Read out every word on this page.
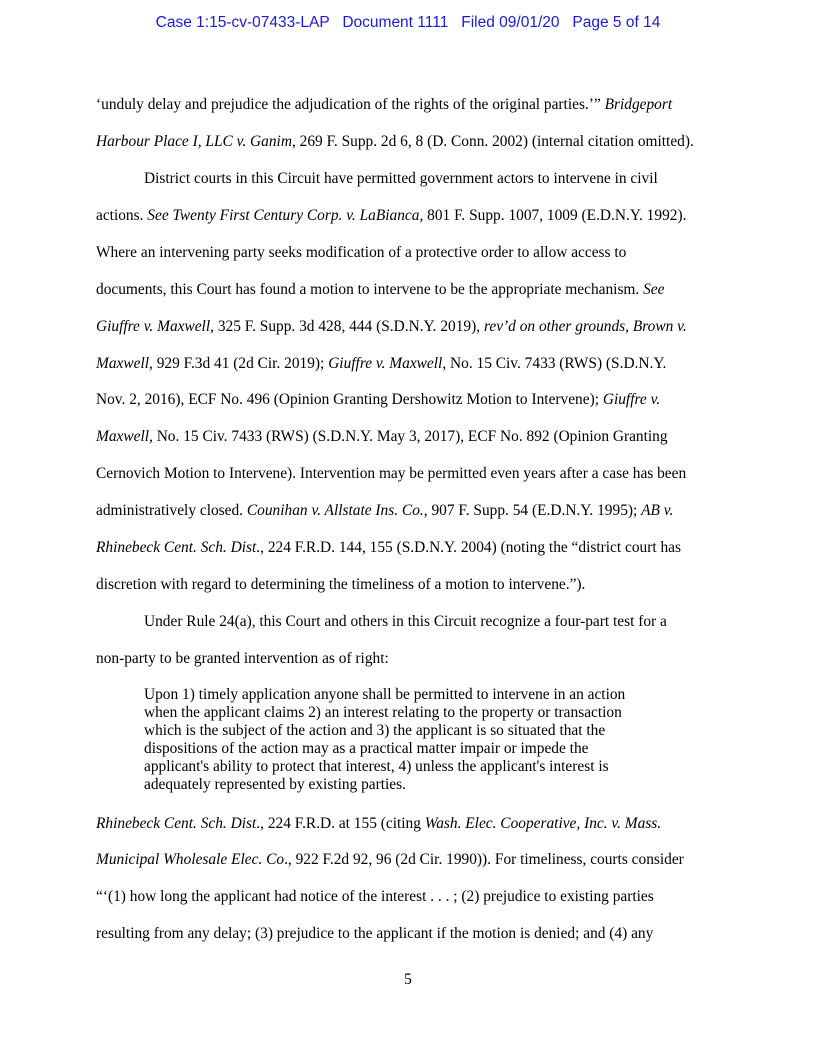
Case 1:15-cv-07433-LAP Document 1111 Filed 09/01/20 Page 5 of 14
‘unduly delay and prejudice the adjudication of the rights of the original parties.’” Bridgeport
Harbour Place I, LLC v. Ganim, 269 F. Supp. 2d 6, 8 (D. Conn. 2002) (internal citation omitted).
District courts in this Circuit have permitted government actors to intervene in civil
actions. See Twenty First Century Corp. v. LaBianca, 801 F. Supp. 1007, 1009 (E.D.N.Y. 1992).
Where an intervening party seeks modification of a protective order to allow access to
documents, this Court has found a motion to intervene to be the appropriate mechanism. See
Giuffre v. Maxwell, 325 F. Supp. 3d 428, 444 (S.D.N.Y. 2019), rev’d on other grounds, Brown v.
Maxwell, 929 F.3d 41 (2d Cir. 2019); Giuffre v. Maxwell, No. 15 Civ. 7433 (RWS) (S.D.N.Y.
Nov. 2, 2016), ECF No. 496 (Opinion Granting Dershowitz Motion to Intervene); Giuffre v.
Maxwell, No. 15 Civ. 7433 (RWS) (S.D.N.Y. May 3, 2017), ECF No. 892 (Opinion Granting
Cernovich Motion to Intervene). Intervention may be permitted even years after a case has been
administratively closed. Counihan v. Allstate Ins. Co., 907 F. Supp. 54 (E.D.N.Y. 1995); AB v.
Rhinebeck Cent. Sch. Dist., 224 F.R.D. 144, 155 (S.D.N.Y. 2004) (noting the “district court has
discretion with regard to determining the timeliness of a motion to intervene.”).
Under Rule 24(a), this Court and others in this Circuit recognize a four-part test for a
non-party to be granted intervention as of right:
Upon 1) timely application anyone shall be permitted to intervene in an action
when the applicant claims 2) an interest relating to the property or transaction
which is the subject of the action and 3) the applicant is so situated that the
dispositions of the action may as a practical matter impair or impede the
applicant's ability to protect that interest, 4) unless the applicant's interest is
adequately represented by existing parties.
Rhinebeck Cent. Sch. Dist., 224 F.R.D. at 155 (citing Wash. Elec. Cooperative, Inc. v. Mass.
Municipal Wholesale Elec. Co., 922 F.2d 92, 96 (2d Cir. 1990)). For timeliness, courts consider
“‘(1) how long the applicant had notice of the interest . . . ; (2) prejudice to existing parties
resulting from any delay; (3) prejudice to the applicant if the motion is denied; and (4) any
5
